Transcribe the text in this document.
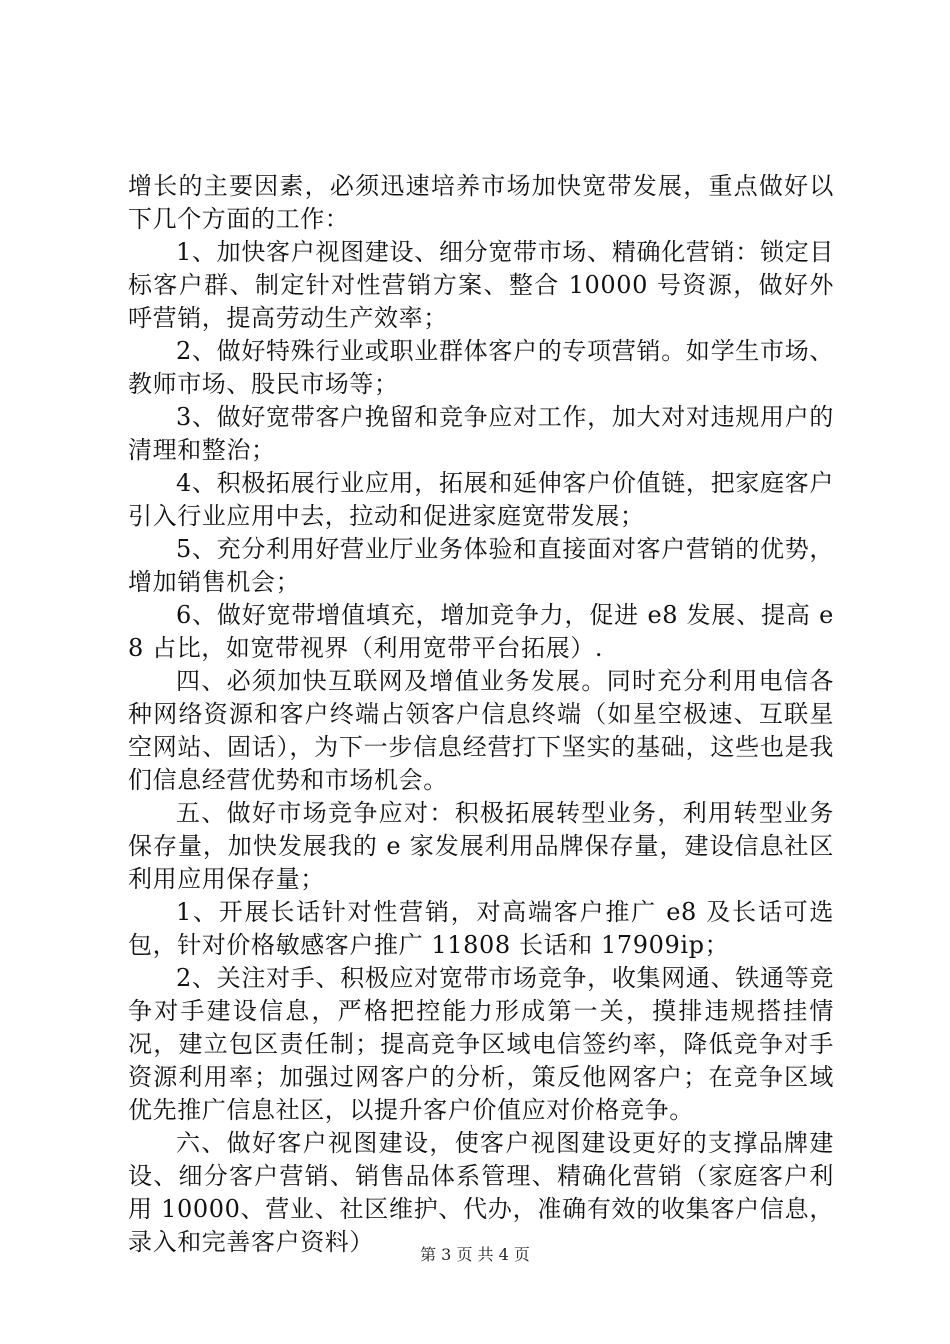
增长的主要因素，必须迅速培养市场加快宽带发展，重点做好以下几个方面的工作：

1、加快客户视图建设、细分宽带市场、精确化营销：锁定目标客户群、制定针对性营销方案、整合 10000 号资源，做好外呼营销，提高劳动生产效率；

2、做好特殊行业或职业群体客户的专项营销。如学生市场、教师市场、股民市场等；

3、做好宽带客户挽留和竞争应对工作，加大对对违规用户的清理和整治；

4、积极拓展行业应用，拓展和延伸客户价值链，把家庭客户引入行业应用中去，拉动和促进家庭宽带发展；

5、充分利用好营业厅业务体验和直接面对客户营销的优势，增加销售机会；

6、做好宽带增值填充，增加竞争力，促进 e8 发展、提高 e8 占比，如宽带视界（利用宽带平台拓展）.

四、必须加快互联网及增值业务发展。同时充分利用电信各种网络资源和客户终端占领客户信息终端（如星空极速、互联星空网站、固话），为下一步信息经营打下坚实的基础，这些也是我们信息经营优势和市场机会。

五、做好市场竞争应对：积极拓展转型业务，利用转型业务保存量，加快发展我的 e 家发展利用品牌保存量，建设信息社区利用应用保存量；

1、开展长话针对性营销，对高端客户推广 e8 及长话可选包，针对价格敏感客户推广 11808 长话和 17909ip；

2、关注对手、积极应对宽带市场竞争，收集网通、铁通等竞争对手建设信息，严格把控能力形成第一关，摸排违规搭挂情况，建立包区责任制；提高竞争区域电信签约率，降低竞争对手资源利用率；加强过网客户的分析，策反他网客户；在竞争区域优先推广信息社区，以提升客户价值应对价格竞争。

六、做好客户视图建设，使客户视图建设更好的支撑品牌建设、细分客户营销、销售品体系管理、精确化营销（家庭客户利用 10000、营业、社区维护、代办，准确有效的收集客户信息，录入和完善客户资料）	第 3 页 共 4 页
